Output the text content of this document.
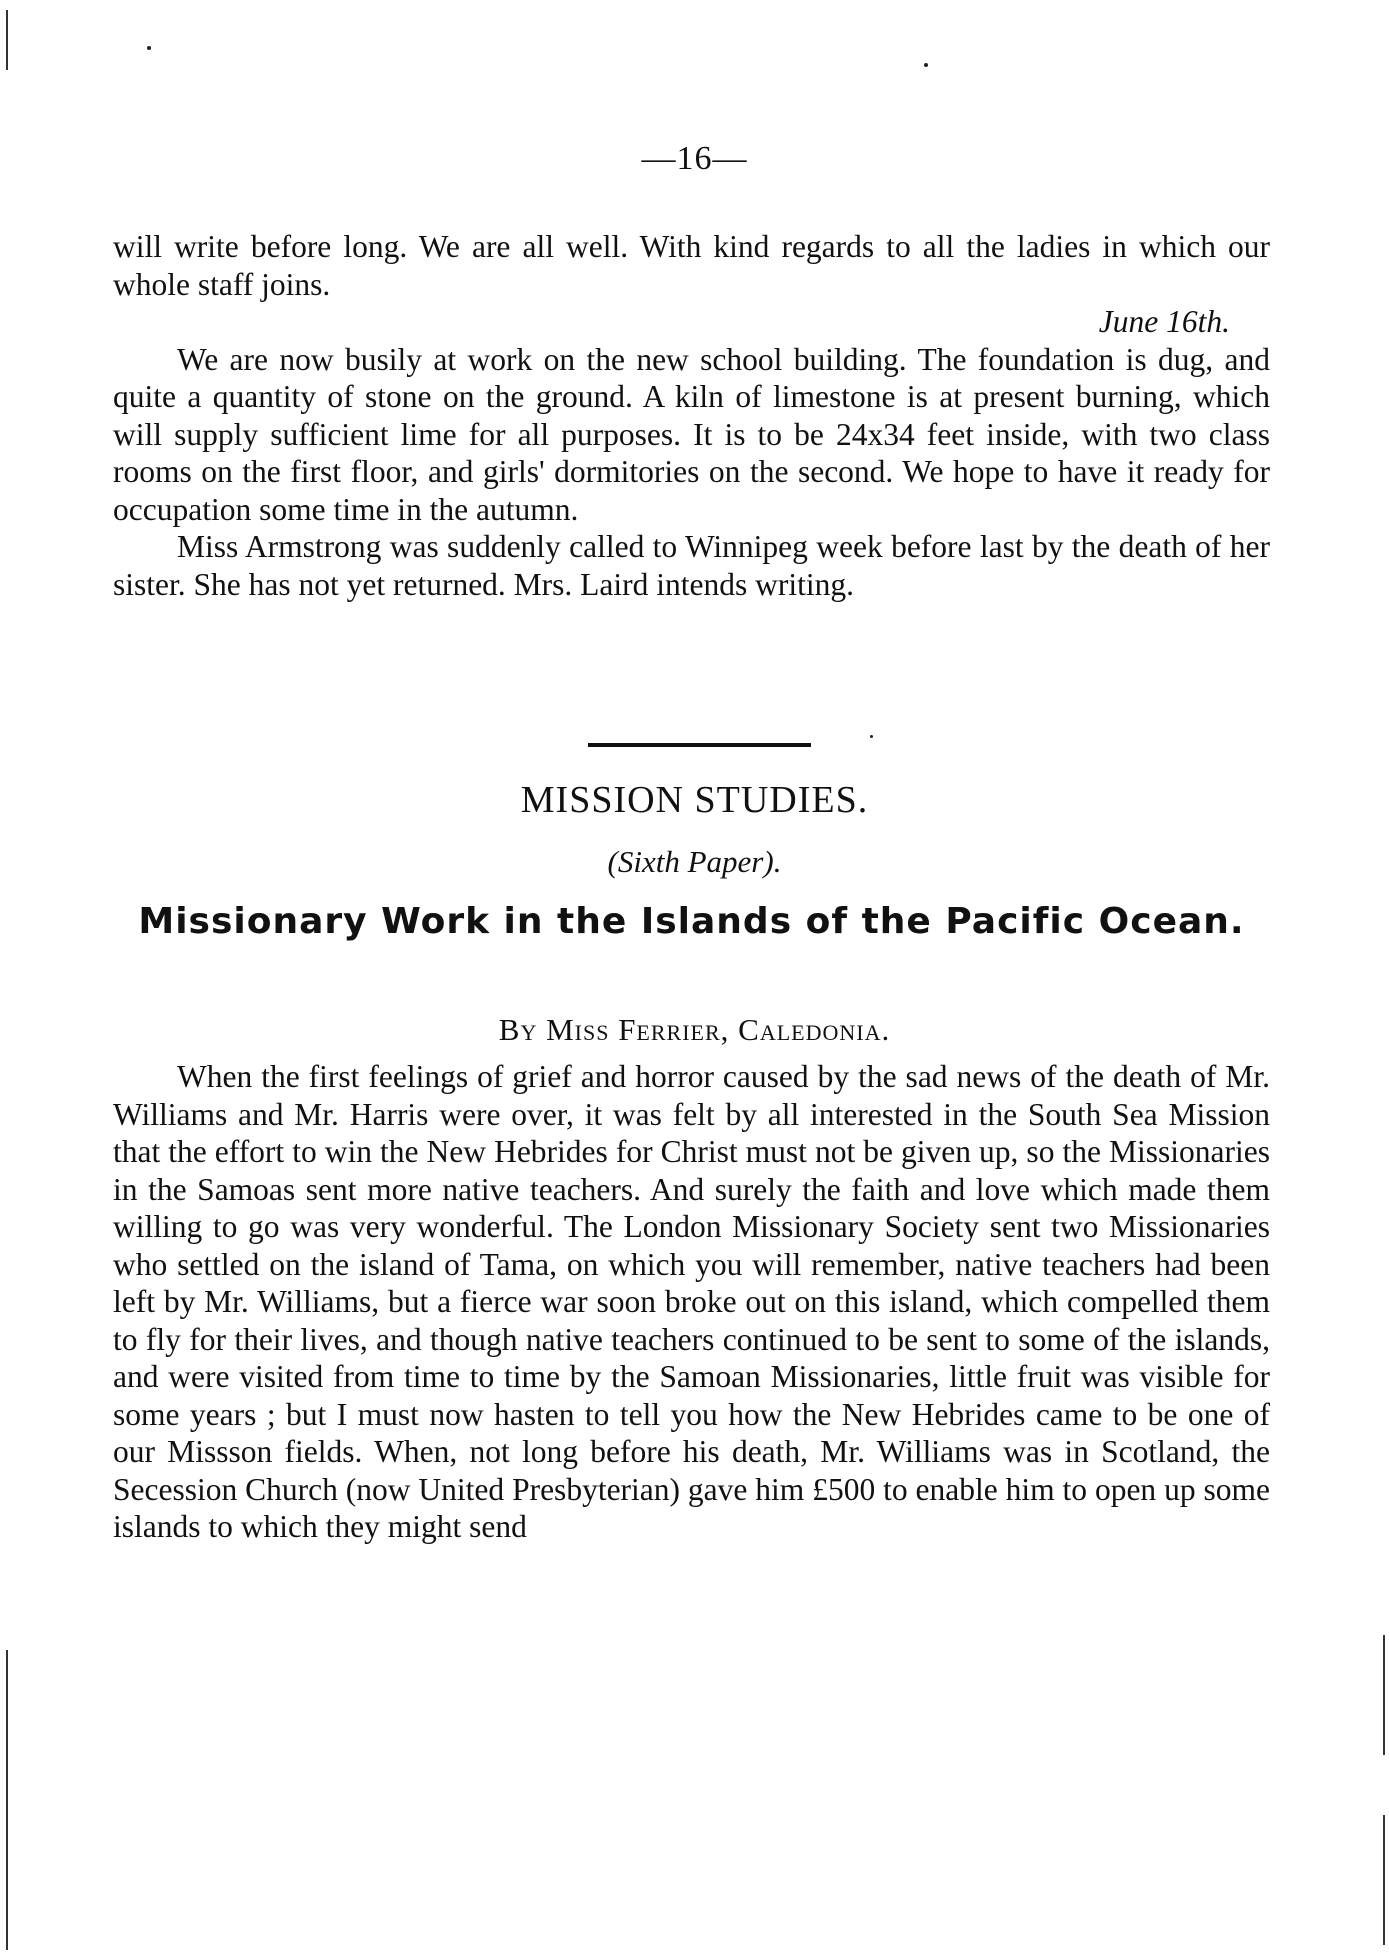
—16—

will write before long. We are all well. With kind regards to all the ladies in which our whole staff joins.

June 16th.

We are now busily at work on the new school building. The foundation is dug, and quite a quantity of stone on the ground. A kiln of limestone is at present burning, which will supply sufficient lime for all purposes. It is to be 24x34 feet inside, with two class rooms on the first floor, and girls' dormitories on the second. We hope to have it ready for occupation some time in the autumn.

Miss Armstrong was suddenly called to Winnipeg week before last by the death of her sister. She has not yet returned. Mrs. Laird intends writing.

MISSION STUDIES.
(Sixth Paper).
Missionary Work in the Islands of the Pacific Ocean.
By Miss Ferrier, Caledonia.

When the first feelings of grief and horror caused by the sad news of the death of Mr. Williams and Mr. Harris were over, it was felt by all interested in the South Sea Mission that the effort to win the New Hebrides for Christ must not be given up, so the Missionaries in the Samoas sent more native teachers. And surely the faith and love which made them willing to go was very wonderful. The London Missionary Society sent two Missionaries who settled on the island of Tama, on which you will remember, native teachers had been left by Mr. Williams, but a fierce war soon broke out on this island, which compelled them to fly for their lives, and though native teachers continued to be sent to some of the islands, and were visited from time to time by the Samoan Missionaries, little fruit was visible for some years ; but I must now hasten to tell you how the New Hebrides came to be one of our Missson fields. When, not long before his death, Mr. Williams was in Scotland, the Secession Church (now United Presbyterian) gave him £500 to enable him to open up some islands to which they might send
